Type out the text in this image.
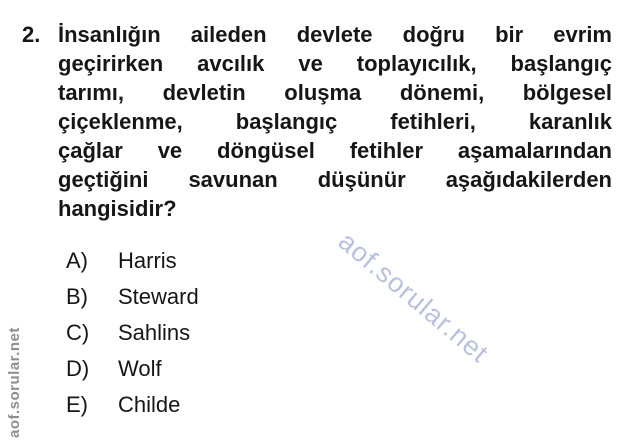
2. İnsanlığın aileden devlete doğru bir evrim
geçirirken avcılık ve toplayıcılık, başlangıç
tarımı, devletin oluşma dönemi, bölgesel
çiçeklenme, başlangıç fetihleri, karanlık
çağlar ve döngüsel fetihler aşamalarından
geçtiğini savunan düşünür aşağıdakilerden
hangisidir?
A)	Harris
B)	Steward
C)	Sahlins
D)	Wolf
E)	Childe
aof.sorular.net
aof.sorular.net
